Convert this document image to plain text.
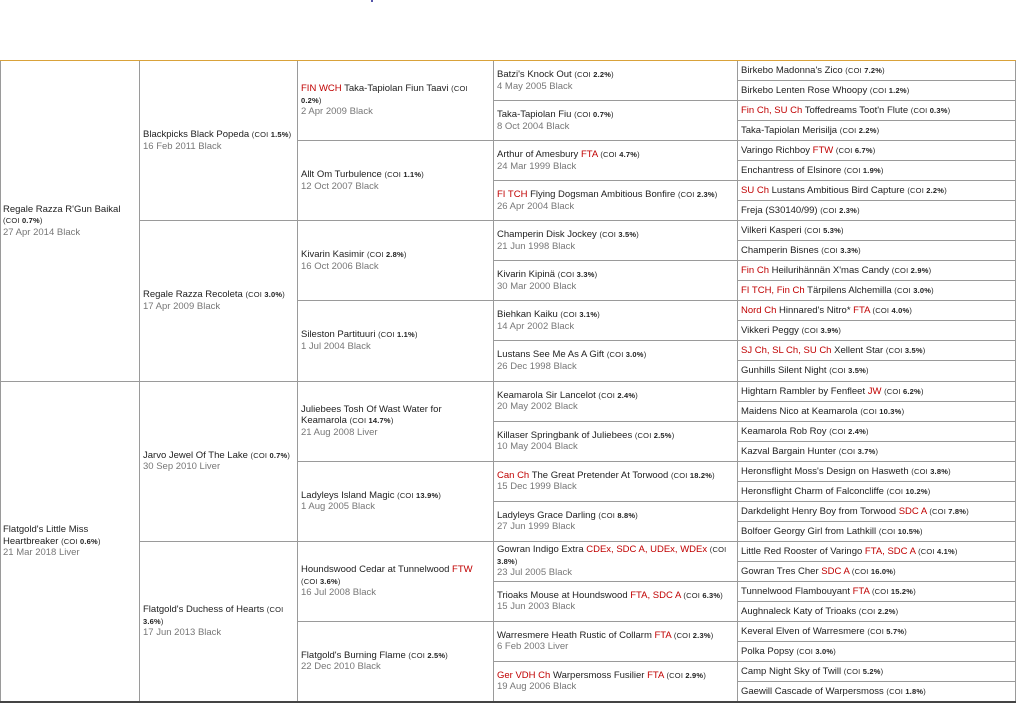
Regale Razza R'Gun Baikal (COI 0.7%)
27 Apr 2014 Black
Flatgold's Little Miss Heartbreaker (COI 0.6%)
21 Mar 2018 Liver
Blackpicks Black Popeda (COI 1.5%)
16 Feb 2011 Black
Regale Razza Recoleta (COI 3.0%)
17 Apr 2009 Black
Jarvo Jewel Of The Lake (COI 0.7%)
30 Sep 2010 Liver
Flatgold's Duchess of Hearts (COI 3.6%)
17 Jun 2013 Black
FIN WCH Taka-Tapiolan Fiun Taavi (COI 0.2%)
2 Apr 2009 Black
Allt Om Turbulence (COI 1.1%)
12 Oct 2007 Black
Kivarin Kasimir (COI 2.8%)
16 Oct 2006 Black
Sileston Partituuri (COI 1.1%)
1 Jul 2004 Black
Juliebees Tosh Of Wast Water for Keamarola (COI 14.7%)
21 Aug 2008 Liver
Ladyleys Island Magic (COI 13.9%)
1 Aug 2005 Black
Houndswood Cedar at Tunnelwood FTW (COI 3.6%)
16 Jul 2008 Black
Flatgold's Burning Flame (COI 2.5%)
22 Dec 2010 Black
Batzi's Knock Out (COI 2.2%)
4 May 2005 Black
Taka-Tapiolan Fiu (COI 0.7%)
8 Oct 2004 Black
Arthur of Amesbury FTA (COI 4.7%)
24 Mar 1999 Black
FI TCH Flying Dogsman Ambitious Bonfire (COI 2.3%)
26 Apr 2004 Black
Champerin Disk Jockey (COI 3.5%)
21 Jun 1998 Black
Kivarin Kipinä (COI 3.3%)
30 Mar 2000 Black
Biehkan Kaiku (COI 3.1%)
14 Apr 2002 Black
Lustans See Me As A Gift (COI 3.0%)
26 Dec 1998 Black
Keamarola Sir Lancelot (COI 2.4%)
20 May 2002 Black
Killaser Springbank of Juliebees (COI 2.5%)
10 May 2004 Black
Can Ch The Great Pretender At Torwood (COI 18.2%)
15 Dec 1999 Black
Ladyleys Grace Darling (COI 8.8%)
27 Jun 1999 Black
Gowran Indigo Extra CDEx, SDC A, UDEx, WDEx (COI 3.8%)
23 Jul 2005 Black
Trioaks Mouse at Houndswood FTA, SDC A (COI 6.3%)
15 Jun 2003 Black
Warresmere Heath Rustic of Collarm FTA (COI 2.3%)
6 Feb 2003 Liver
Ger VDH Ch Warpersmoss Fusilier FTA (COI 2.9%)
19 Aug 2006 Black
Birkebo Madonna's Zico (COI 7.2%)
Birkebo Lenten Rose Whoopy (COI 1.2%)
Fin Ch, SU Ch Toffedreams Toot'n Flute (COI 0.3%)
Taka-Tapiolan Merisilja (COI 2.2%)
Varingo Richboy FTW (COI 6.7%)
Enchantress of Elsinore (COI 1.9%)
SU Ch Lustans Ambitious Bird Capture (COI 2.2%)
Freja (S30140/99) (COI 2.3%)
Vilkeri Kasperi (COI 5.3%)
Champerin Bisnes (COI 3.3%)
Fin Ch Heilurihännän X'mas Candy (COI 2.9%)
FI TCH, Fin Ch Tärpilens Alchemilla (COI 3.0%)
Nord Ch Hinnared's Nitro* FTA (COI 4.0%)
Vikkeri Peggy (COI 3.9%)
SJ Ch, SL Ch, SU Ch Xellent Star (COI 3.5%)
Gunhills Silent Night (COI 3.5%)
Hightarn Rambler by Fenfleet JW (COI 6.2%)
Maidens Nico at Keamarola (COI 10.3%)
Keamarola Rob Roy (COI 2.4%)
Kazval Bargain Hunter (COI 3.7%)
Heronsflight Moss's Design on Hasweth (COI 3.8%)
Heronsflight Charm of Falconcliffe (COI 10.2%)
Darkdelight Henry Boy from Torwood SDC A (COI 7.8%)
Bolfoer Georgy Girl from Lathkill (COI 10.5%)
Little Red Rooster of Varingo FTA, SDC A (COI 4.1%)
Gowran Tres Cher SDC A (COI 16.0%)
Tunnelwood Flambouyant FTA (COI 15.2%)
Aughnaleck Katy of Trioaks (COI 2.2%)
Keveral Elven of Warresmere (COI 5.7%)
Polka Popsy (COI 3.0%)
Camp Night Sky of Twill (COI 5.2%)
Gaewill Cascade of Warpersmoss (COI 1.8%)
